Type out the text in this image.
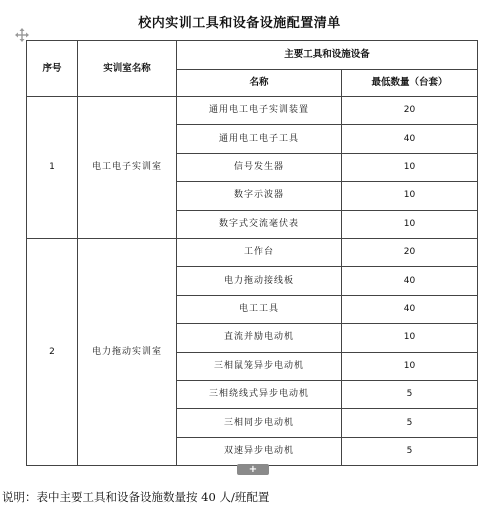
校内实训工具和设备设施配置清单
序号	实训室名称	主要工具和设施设备	
		名称	最低数量（台套）
1	电工电子实训室	通用电工电子实训装置	20
		通用电工电子工具	40
		信号发生器	10
		数字示波器	10
		数字式交流毫伏表	10
2	电力拖动实训室	工作台	20
		电力拖动接线板	40
		电工工具	40
		直流并励电动机	10
		三相鼠笼异步电动机	10
		三相绕线式异步电动机	5
		三相同步电动机	5
		双速异步电动机	5
+
说明：表中主要工具和设备设施数量按 40 人/班配置
